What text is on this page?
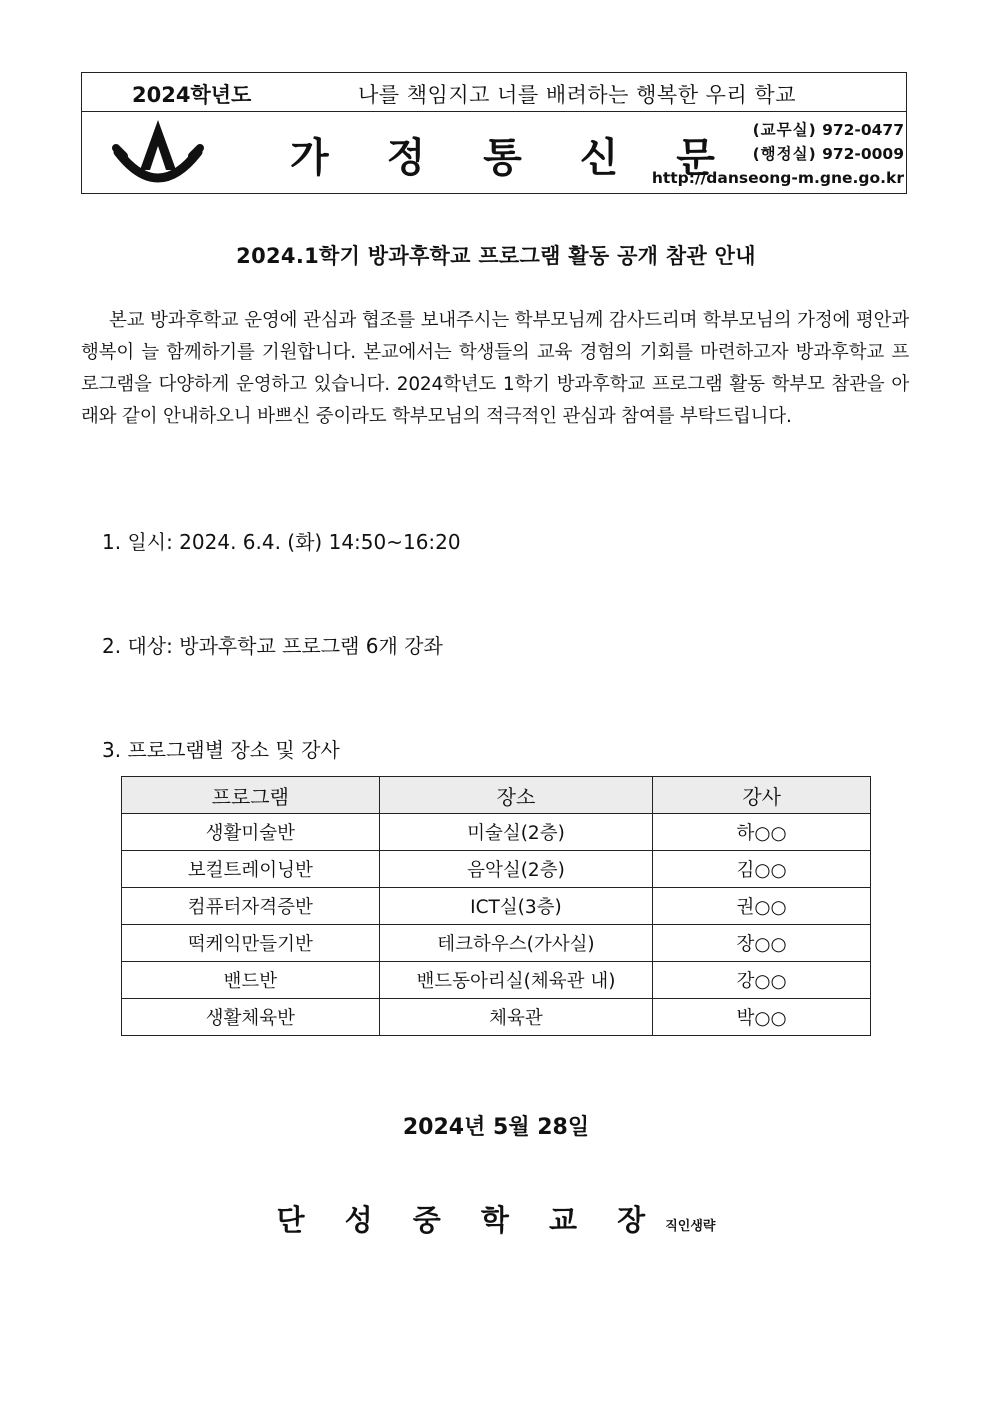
2024학년도	나를 책임지고 너를 배려하는 행복한 우리 학교
가 정 통 신 문
(교무실) 972-0477
(행정실) 972-0009
http://danseong-m.gne.go.kr
2024.1학기 방과후학교 프로그램 활동 공개 참관 안내

본교 방과후학교 운영에 관심과 협조를 보내주시는 학부모님께 감사드리며 학부모님의 가정에 평안과 행복이 늘 함께하기를 기원합니다. 본교에서는 학생들의 교육 경험의 기회를 마련하고자 방과후학교 프로그램을 다양하게 운영하고 있습니다. 2024학년도 1학기 방과후학교 프로그램 활동 학부모 참관을 아래와 같이 안내하오니 바쁘신 중이라도 학부모님의 적극적인 관심과 참여를 부탁드립니다.

1. 일시: 2024. 6.4. (화) 14:50~16:20
2. 대상: 방과후학교 프로그램 6개 강좌
3. 프로그램별 장소 및 강사
프로그램	장소	강사
생활미술반	미술실(2층)	하○○
보컬트레이닝반	음악실(2층)	김○○
컴퓨터자격증반	ICT실(3층)	권○○
떡케익만들기반	테크하우스(가사실)	장○○
밴드반	밴드동아리실(체육관 내)	강○○
생활체육반	체육관	박○○
2024년 5월 28일
단 성 중 학 교 장 직인생략
